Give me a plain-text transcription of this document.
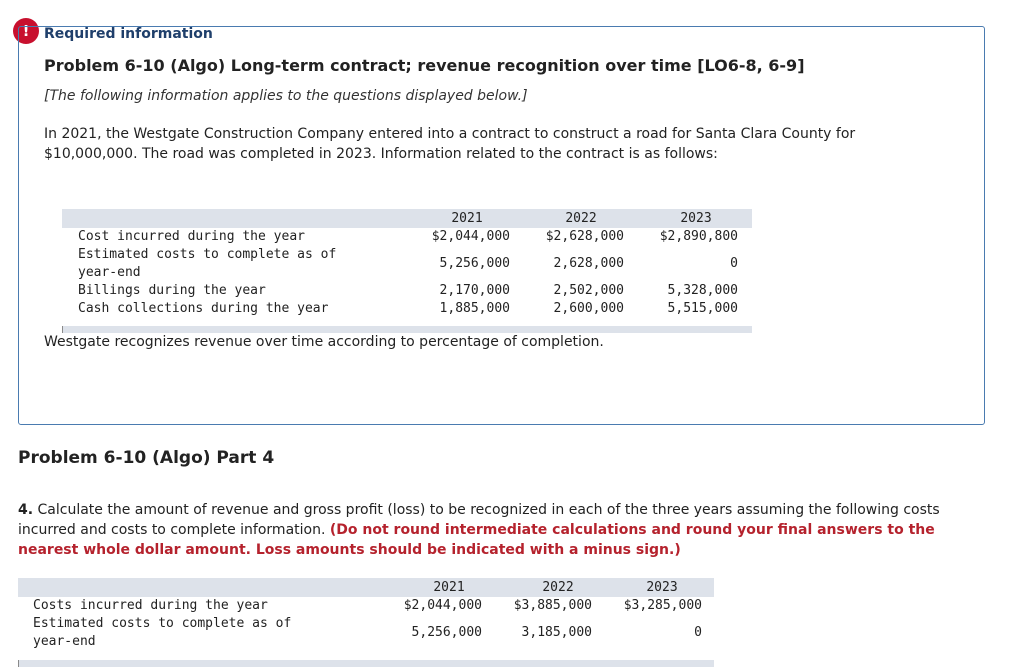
!	Required information
Problem 6-10 (Algo) Long-term contract; revenue recognition over time [LO6-8, 6-9]
[The following information applies to the questions displayed below.]
In 2021, the Westgate Construction Company entered into a contract to construct a road for Santa Clara County for $10,000,000. The road was completed in 2023. Information related to the contract is as follows:
2021	2022	2023
Cost incurred during the year	$2,044,000	$2,628,000	$2,890,800
Estimated costs to complete as of
year-end
5,256,000	2,628,000	0
Billings during the year	2,170,000	2,502,000	5,328,000
Cash collections during the year	1,885,000	2,600,000	5,515,000
Westgate recognizes revenue over time according to percentage of completion.
Problem 6-10 (Algo) Part 4
4. Calculate the amount of revenue and gross profit (loss) to be recognized in each of the three years assuming the following costs incurred and costs to complete information. (Do not round intermediate calculations and round your final answers to the nearest whole dollar amount. Loss amounts should be indicated with a minus sign.)
2021	2022	2023
Costs incurred during the year	$2,044,000	$3,885,000	$3,285,000
Estimated costs to complete as of
year-end
5,256,000	3,185,000	0
